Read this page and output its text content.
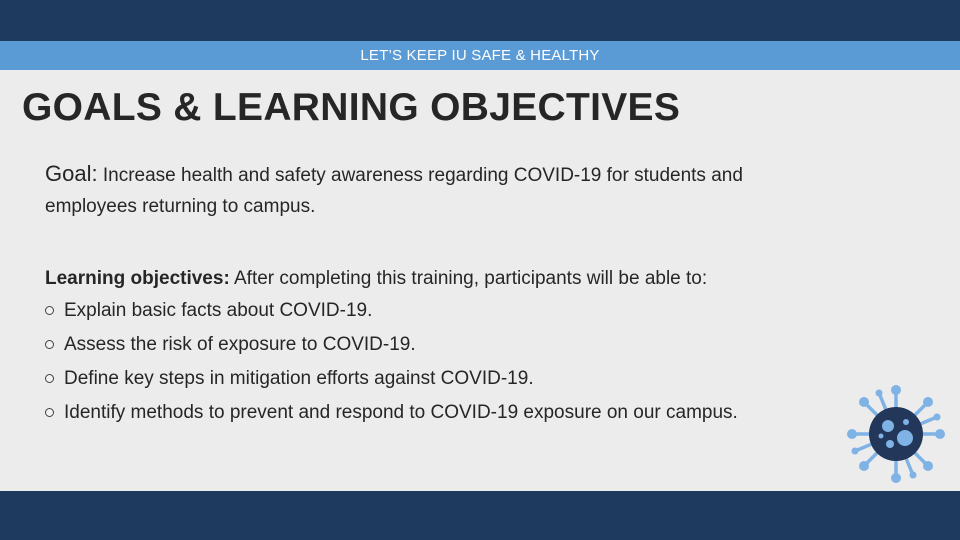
LET’S KEEP IU SAFE & HEALTHY
GOALS & LEARNING OBJECTIVES
Goal: Increase health and safety awareness regarding COVID-19 for students and employees returning to campus.
Learning objectives: After completing this training, participants will be able to:
Explain basic facts about COVID-19.
Assess the risk of exposure to COVID-19.
Define key steps in mitigation efforts against COVID-19.
Identify methods to prevent and respond to COVID-19 exposure on our campus.
